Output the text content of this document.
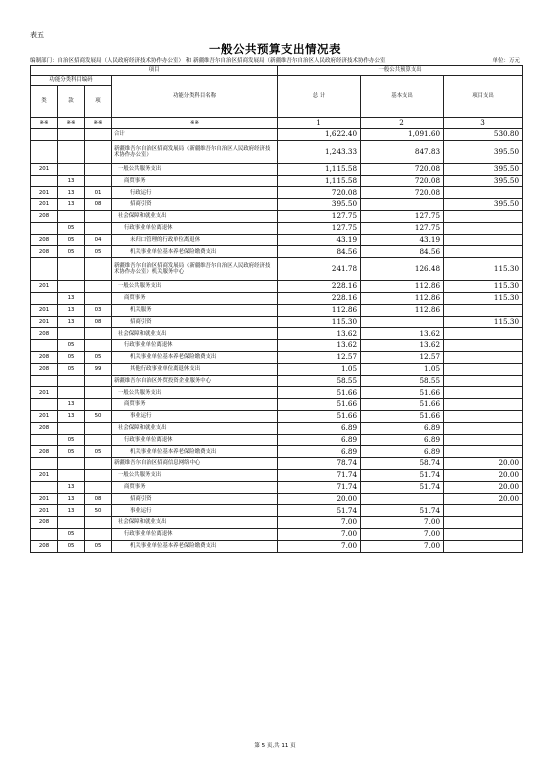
表五
一般公共预算支出情况表
编制部门：自治区招商发展局（人民政府经济技术协作办公室） 和 新疆维吾尔自治区招商发展局（新疆维吾尔自治区人民政府经济技术协作办公室	单位：万元
项目				一般公共预算支出		
功能分类科目编码			功能分类科目名称	总 计	基本支出	项目支出
类	款	项				
※※	※※	※※	※※	1	2	3
			合计	1,622.40	1,091.60	530.80
			新疆维吾尔自治区招商发展局（新疆维吾尔自治区人民政府经济技术协作办公室）	1,243.33	847.83	395.50
201			一般公共服务支出	1,115.58	720.08	395.50
	13		商贸事务	1,115.58	720.08	395.50
201	13	01	行政运行	720.08	720.08	
201	13	08	招商引资	395.50		395.50
208			社会保障和就业支出	127.75	127.75	
	05		行政事业单位离退休	127.75	127.75	
208	05	04	未归口管理的行政单位离退休	43.19	43.19	
208	05	05	机关事业单位基本养老保险缴费支出	84.56	84.56	
			新疆维吾尔自治区招商发展局（新疆维吾尔自治区人民政府经济技术协作办公室）机关服务中心	241.78	126.48	115.30
201			一般公共服务支出	228.16	112.86	115.30
	13		商贸事务	228.16	112.86	115.30
201	13	03	机关服务	112.86	112.86	
201	13	08	招商引资	115.30		115.30
208			社会保障和就业支出	13.62	13.62	
	05		行政事业单位离退休	13.62	13.62	
208	05	05	机关事业单位基本养老保险缴费支出	12.57	12.57	
208	05	99	其他行政事业单位离退休支出	1.05	1.05	
			新疆维吾尔自治区外贸投资企业服务中心	58.55	58.55	
201			一般公共服务支出	51.66	51.66	
	13		商贸事务	51.66	51.66	
201	13	50	事业运行	51.66	51.66	
208			社会保障和就业支出	6.89	6.89	
	05		行政事业单位离退休	6.89	6.89	
208	05	05	机关事业单位基本养老保险缴费支出	6.89	6.89	
			新疆维吾尔自治区招商信息网络中心	78.74	58.74	20.00
201			一般公共服务支出	71.74	51.74	20.00
	13		商贸事务	71.74	51.74	20.00
201	13	08	招商引资	20.00		20.00
201	13	50	事业运行	51.74	51.74	
208			社会保障和就业支出	7.00	7.00	
	05		行政事业单位离退休	7.00	7.00	
208	05	05	机关事业单位基本养老保险缴费支出	7.00	7.00	
第 5 页,共 11 页
